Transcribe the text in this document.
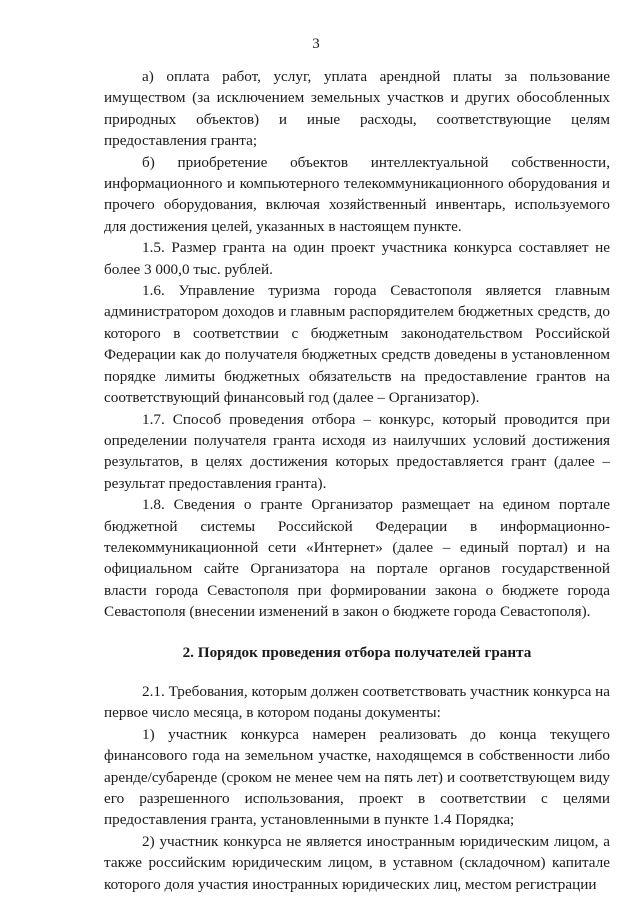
3

а) оплата работ, услуг, уплата арендной платы за пользование имуществом (за исключением земельных участков и других обособленных природных объектов) и иные расходы, соответствующие целям предоставления гранта;

б) приобретение объектов интеллектуальной собственности, информационного и компьютерного телекоммуникационного оборудования и прочего оборудования, включая хозяйственный инвентарь, используемого для достижения целей, указанных в настоящем пункте.

1.5. Размер гранта на один проект участника конкурса составляет не более 3 000,0 тыс. рублей.

1.6. Управление туризма города Севастополя является главным администратором доходов и главным распорядителем бюджетных средств, до которого в соответствии с бюджетным законодательством Российской Федерации как до получателя бюджетных средств доведены в установленном порядке лимиты бюджетных обязательств на предоставление грантов на соответствующий финансовый год (далее – Организатор).

1.7. Способ проведения отбора – конкурс, который проводится при определении получателя гранта исходя из наилучших условий достижения результатов, в целях достижения которых предоставляется грант (далее – результат предоставления гранта).

1.8. Сведения о гранте Организатор размещает на едином портале бюджетной системы Российской Федерации в информационно-телекоммуникационной сети «Интернет» (далее – единый портал) и на официальном сайте Организатора на портале органов государственной власти города Севастополя при формировании закона о бюджете города Севастополя (внесении изменений в закон о бюджете города Севастополя).

2. Порядок проведения отбора получателей гранта

2.1. Требования, которым должен соответствовать участник конкурса на первое число месяца, в котором поданы документы:

1) участник конкурса намерен реализовать до конца текущего финансового года на земельном участке, находящемся в собственности либо аренде/субаренде (сроком не менее чем на пять лет) и соответствующем виду его разрешенного использования, проект в соответствии с целями предоставления гранта, установленными в пункте 1.4 Порядка;

2) участник конкурса не является иностранным юридическим лицом, а также российским юридическим лицом, в уставном (складочном) капитале которого доля участия иностранных юридических лиц, местом регистрации
